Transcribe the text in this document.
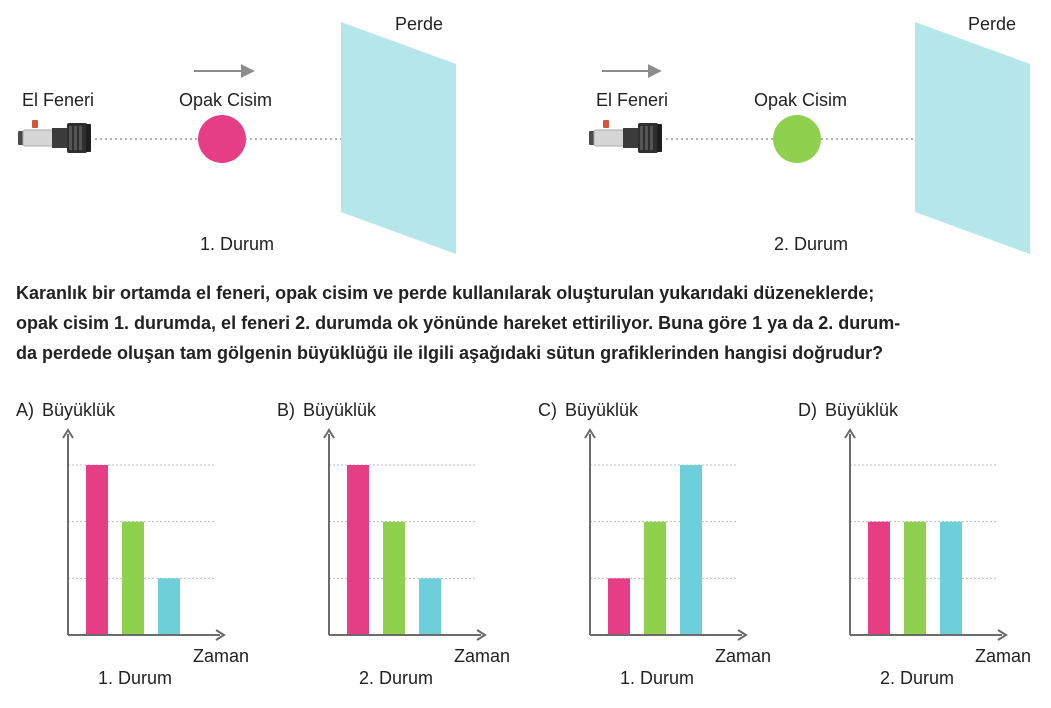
El Feneri	Opak Cisim
Perde
1. Durum
El Feneri	Opak Cisim
Perde
2. Durum
Karanlık bir ortamda el feneri, opak cisim ve perde kullanılarak oluşturulan yukarıdaki düzeneklerde;
opak cisim 1. durumda, el feneri 2. durumda ok yönünde hareket ettiriliyor. Buna göre 1 ya da 2. durum-
da perdede oluşan tam gölgenin büyüklüğü ile ilgili aşağıdaki sütun grafiklerinden hangisi doğrudur?
A) Büyüklük
Zaman
1. Durum
B) Büyüklük
Zaman
2. Durum
C) Büyüklük
Zaman
1. Durum
D) Büyüklük
Zaman
2. Durum
